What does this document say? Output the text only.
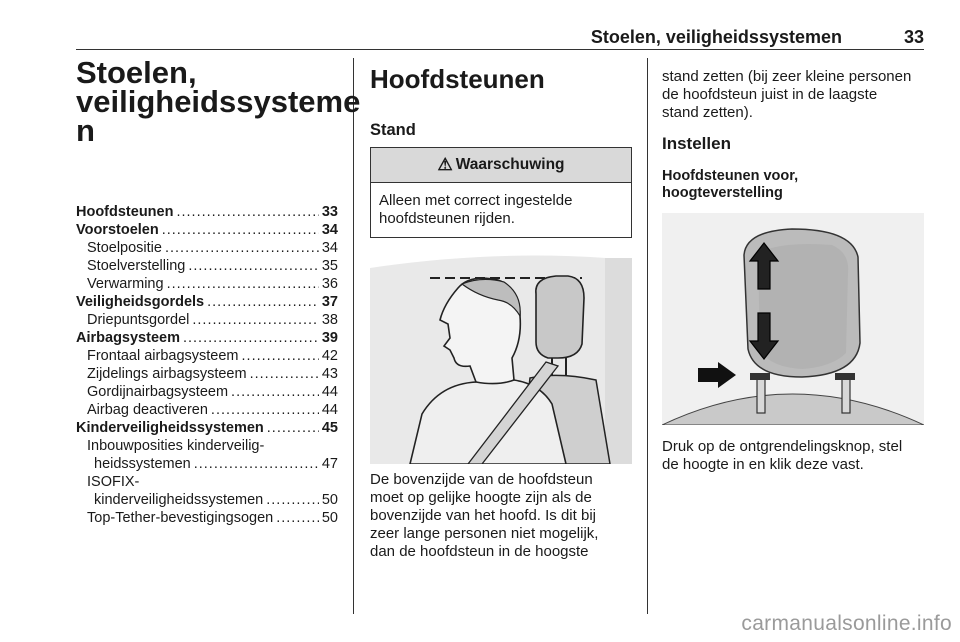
Stoelen, veiligheidssystemen	33
Stoelen,
veiligheidssysteme
n
Hoofdsteunen .....	33
Voorstoelen .....	34
Stoelpositie .....	34
Stoelverstelling .....	35
Verwarming .....	36
Veiligheidsgordels .....	37
Driepuntsgordel .....	38
Airbagsysteem .....	39
Frontaal airbagsysteem .....	42
Zijdelings airbagsysteem .....	43
Gordijnairbagsysteem .....	44
Airbag deactiveren .....	44
Kinderveiligheidssystemen .....	45
Inbouwposities kinderveilig-
heidssystemen .....	47
ISOFIX-
kinderveiligheidssystemen .....	50
Top-Tether-bevestigingsogen .....	50
Hoofdsteunen
Stand
⚠ Waarschuwing
Alleen met correct ingestelde hoofdsteunen rijden.
De bovenzijde van de hoofdsteun
moet op gelijke hoogte zijn als de
bovenzijde van het hoofd. Is dit bij
zeer lange personen niet mogelijk,
dan de hoofdsteun in de hoogste
stand zetten (bij zeer kleine personen
de hoofdsteun juist in de laagste
stand zetten).
Instellen
Hoofdsteunen voor,
hoogteverstelling
Druk op de ontgrendelingsknop, stel
de hoogte in en klik deze vast.
carmanualsonline.info
